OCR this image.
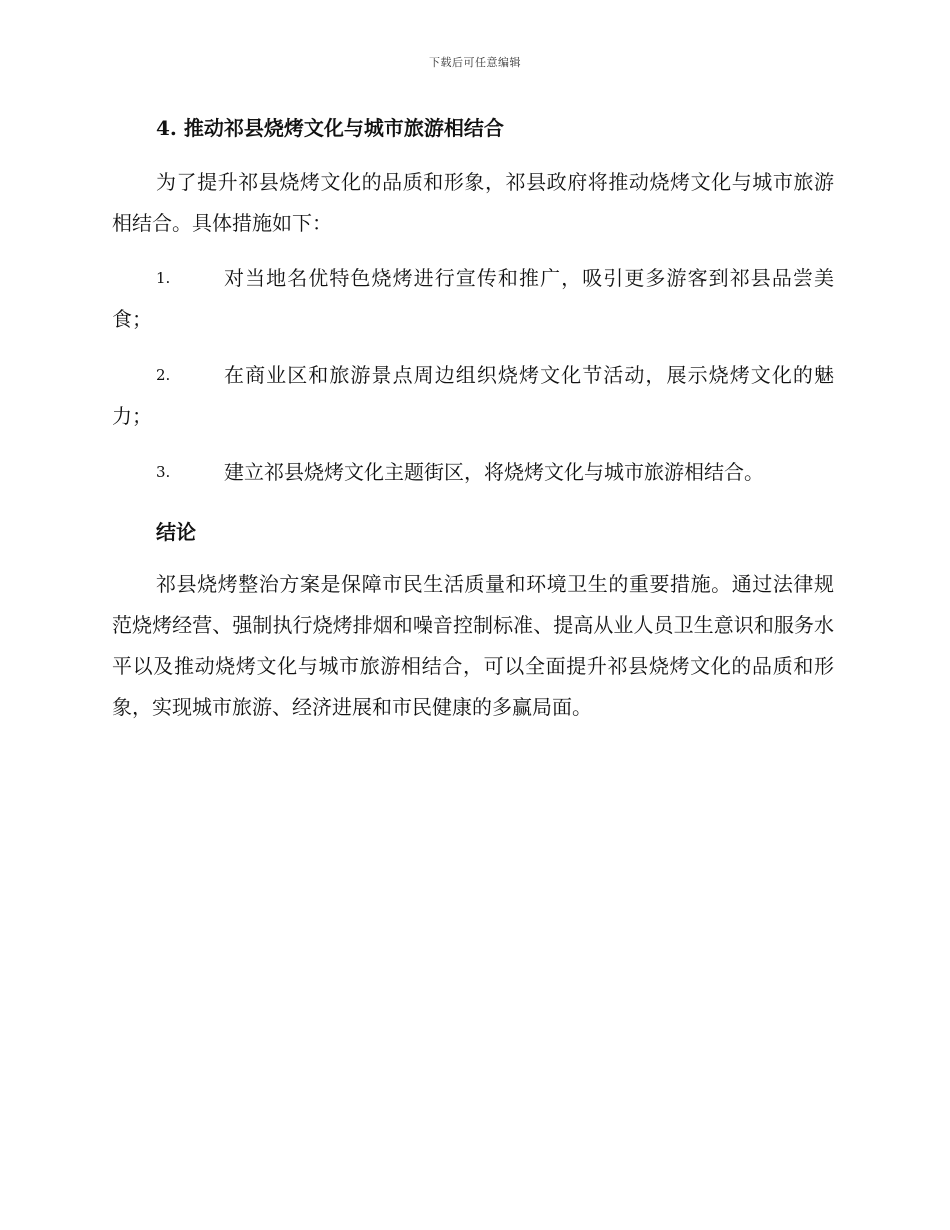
下载后可任意编辑
4. 推动祁县烧烤文化与城市旅游相结合
为了提升祁县烧烤文化的品质和形象，祁县政府将推动烧烤文化与城市旅游相结合。具体措施如下：
1.	对当地名优特色烧烤进行宣传和推广，吸引更多游客到祁县品尝美食；
2.	在商业区和旅游景点周边组织烧烤文化节活动，展示烧烤文化的魅力；
3.	建立祁县烧烤文化主题街区，将烧烤文化与城市旅游相结合。
结论
祁县烧烤整治方案是保障市民生活质量和环境卫生的重要措施。通过法律规范烧烤经营、强制执行烧烤排烟和噪音控制标准、提高从业人员卫生意识和服务水平以及推动烧烤文化与城市旅游相结合，可以全面提升祁县烧烤文化的品质和形象，实现城市旅游、经济进展和市民健康的多赢局面。
